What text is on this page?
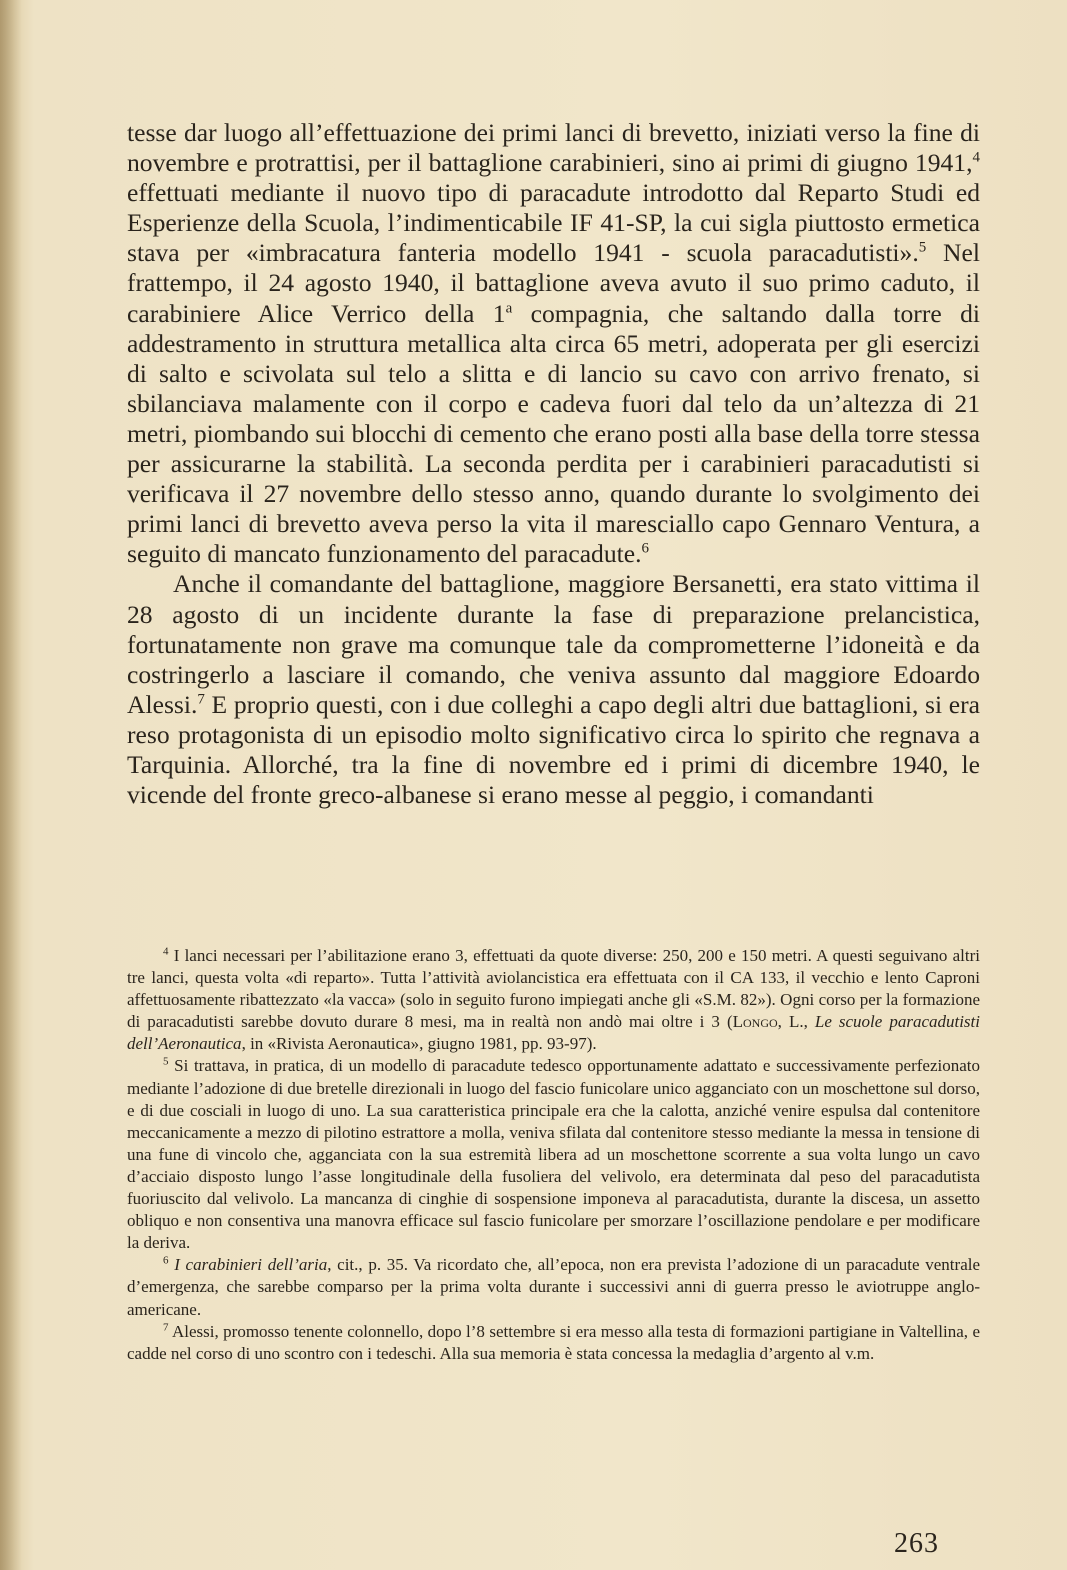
tesse dar luogo all’effettuazione dei primi lanci di brevetto, iniziati verso la fine di novembre e protrattisi, per il battaglione carabinieri, sino ai primi di giugno 1941,$^4$ effettuati mediante il nuovo tipo di paracadute introdotto dal Reparto Studi ed Esperienze della Scuola, l’indimenticabile IF 41-SP, la cui sigla piuttosto ermetica stava per «imbracatura fanteria modello 1941 - scuola paracadutisti».$^5$ Nel frattempo, il 24 agosto 1940, il battaglione aveva avuto il suo primo caduto, il carabiniere Alice Verrico della 1$^a$ compagnia, che saltando dalla torre di addestramento in struttura metallica alta circa 65 metri, adoperata per gli esercizi di salto e scivolata sul telo a slitta e di lancio su cavo con arrivo frenato, si sbilanciava malamente con il corpo e cadeva fuori dal telo da un’altezza di 21 metri, piombando sui blocchi di cemento che erano posti alla base della torre stessa per assicurarne la stabilità. La seconda perdita per i carabinieri paracadutisti si verificava il 27 novembre dello stesso anno, quando durante lo svolgimento dei primi lanci di brevetto aveva perso la vita il maresciallo capo Gennaro Ventura, a seguito di mancato funzionamento del paracadute.$^6$

Anche il comandante del battaglione, maggiore Bersanetti, era stato vittima il 28 agosto di un incidente durante la fase di preparazione prelancistica, fortunatamente non grave ma comunque tale da comprometterne l’idoneità e da costringerlo a lasciare il comando, che veniva assunto dal maggiore Edoardo Alessi.$^7$ E proprio questi, con i due colleghi a capo degli altri due battaglioni, si era reso protagonista di un episodio molto significativo circa lo spirito che regnava a Tarquinia. Allorché, tra la fine di novembre ed i primi di dicembre 1940, le vicende del fronte greco-albanese si erano messe al peggio, i comandanti

$^4$ I lanci necessari per l’abilitazione erano 3, effettuati da quote diverse: 250, 200 e 150 metri. A questi seguivano altri tre lanci, questa volta «di reparto». Tutta l’attività aviolancistica era effettuata con il CA 133, il vecchio e lento Caproni affettuosamente ribattezzato «la vacca» (solo in seguito furono impiegati anche gli «S.M. 82»). Ogni corso per la formazione di paracadutisti sarebbe dovuto durare 8 mesi, ma in realtà non andò mai oltre i 3 (Longo, L., Le scuole paracadutisti dell’Aeronautica, in «Rivista Aeronautica», giugno 1981, pp. 93-97).

$^5$ Si trattava, in pratica, di un modello di paracadute tedesco opportunamente adattato e successivamente perfezionato mediante l’adozione di due bretelle direzionali in luogo del fascio funicolare unico agganciato con un moschettone sul dorso, e di due cosciali in luogo di uno. La sua caratteristica principale era che la calotta, anziché venire espulsa dal contenitore meccanicamente a mezzo di pilotino estrattore a molla, veniva sfilata dal contenitore stesso mediante la messa in tensione di una fune di vincolo che, agganciata con la sua estremità libera ad un moschettone scorrente a sua volta lungo un cavo d’acciaio disposto lungo l’asse longitudinale della fusoliera del velivolo, era determinata dal peso del paracadutista fuoriuscito dal velivolo. La mancanza di cinghie di sospensione imponeva al paracadutista, durante la discesa, un assetto obliquo e non consentiva una manovra efficace sul fascio funicolare per smorzare l’oscillazione pendolare e per modificare la deriva.

$^6$ I carabinieri dell’aria, cit., p. 35. Va ricordato che, all’epoca, non era prevista l’adozione di un paracadute ventrale d’emergenza, che sarebbe comparso per la prima volta durante i successivi anni di guerra presso le aviotruppe anglo-americane.

$^7$ Alessi, promosso tenente colonnello, dopo l’8 settembre si era messo alla testa di formazioni partigiane in Valtellina, e cadde nel corso di uno scontro con i tedeschi. Alla sua memoria è stata concessa la medaglia d’argento al v.m.

263
